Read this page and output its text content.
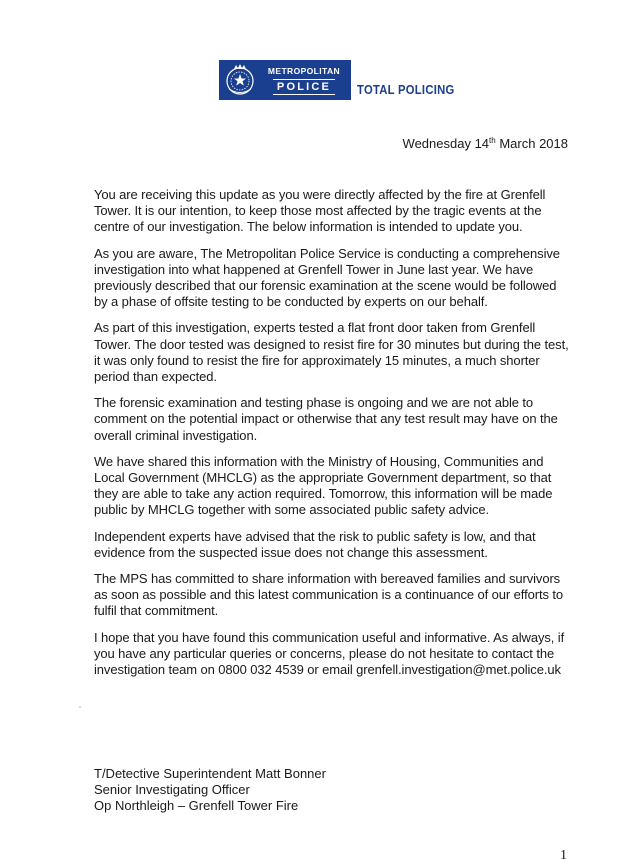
METROPOLITAN
POLICE	TOTAL POLICING
Wednesday 14th March 2018

You are receiving this update as you were directly affected by the fire at Grenfell Tower. It is our intention, to keep those most affected by the tragic events at the centre of our investigation. The below information is intended to update you.

As you are aware, The Metropolitan Police Service is conducting a comprehensive investigation into what happened at Grenfell Tower in June last year. We have previously described that our forensic examination at the scene would be followed by a phase of offsite testing to be conducted by experts on our behalf.

As part of this investigation, experts tested a flat front door taken from Grenfell Tower. The door tested was designed to resist fire for 30 minutes but during the test, it was only found to resist the fire for approximately 15 minutes, a much shorter period than expected.

The forensic examination and testing phase is ongoing and we are not able to comment on the potential impact or otherwise that any test result may have on the overall criminal investigation.

We have shared this information with the Ministry of Housing, Communities and Local Government (MHCLG) as the appropriate Government department, so that they are able to take any action required. Tomorrow, this information will be made public by MHCLG together with some associated public safety advice.

Independent experts have advised that the risk to public safety is low, and that evidence from the suspected issue does not change this assessment.

The MPS has committed to share information with bereaved families and survivors as soon as possible and this latest communication is a continuance of our efforts to fulfil that commitment.

I hope that you have found this communication useful and informative. As always, if you have any particular queries or concerns, please do not hesitate to contact the investigation team on 0800 032 4539 or email grenfell.investigation@met.police.uk

T/Detective Superintendent Matt Bonner
Senior Investigating Officer
Op Northleigh – Grenfell Tower Fire
1
